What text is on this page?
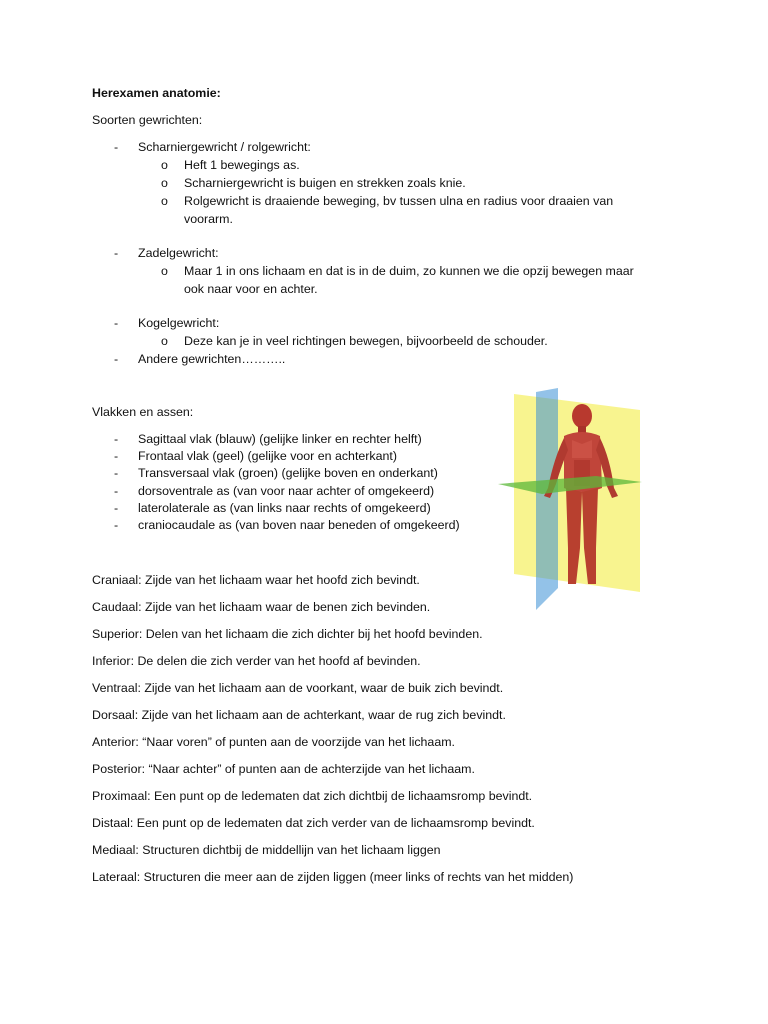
Herexamen anatomie:
Soorten gewrichten:
- Scharniergewricht / rolgewricht:
o Heft 1 bewegings as.
o Scharniergewricht is buigen en strekken zoals knie.
o Rolgewricht is draaiende beweging, bv tussen ulna en radius voor draaien van
voorarm.
- Zadelgewricht:
o Maar 1 in ons lichaam en dat is in de duim, zo kunnen we die opzij bewegen maar
ook naar voor en achter.
- Kogelgewricht:
o Deze kan je in veel richtingen bewegen, bijvoorbeeld de schouder.
- Andere gewrichten………..
Vlakken en assen:
- Sagittaal vlak (blauw) (gelijke linker en rechter helft)
- Frontaal vlak (geel) (gelijke voor en achterkant)
- Transversaal vlak (groen) (gelijke boven en onderkant)
- dorsoventrale as (van voor naar achter of omgekeerd)
- laterolaterale as (van links naar rechts of omgekeerd)
- craniocaudale as (van boven naar beneden of omgekeerd)
Craniaal: Zijde van het lichaam waar het hoofd zich bevindt.
Caudaal: Zijde van het lichaam waar de benen zich bevinden.
Superior: Delen van het lichaam die zich dichter bij het hoofd bevinden.
Inferior: De delen die zich verder van het hoofd af bevinden.
Ventraal: Zijde van het lichaam aan de voorkant, waar de buik zich bevindt.
Dorsaal: Zijde van het lichaam aan de achterkant, waar de rug zich bevindt.
Anterior: “Naar voren” of punten aan de voorzijde van het lichaam.
Posterior: “Naar achter” of punten aan de achterzijde van het lichaam.
Proximaal: Een punt op de ledematen dat zich dichtbij de lichaamsromp bevindt.
Distaal: Een punt op de ledematen dat zich verder van de lichaamsromp bevindt.
Mediaal: Structuren dichtbij de middellijn van het lichaam liggen
Lateraal: Structuren die meer aan de zijden liggen (meer links of rechts van het midden)
